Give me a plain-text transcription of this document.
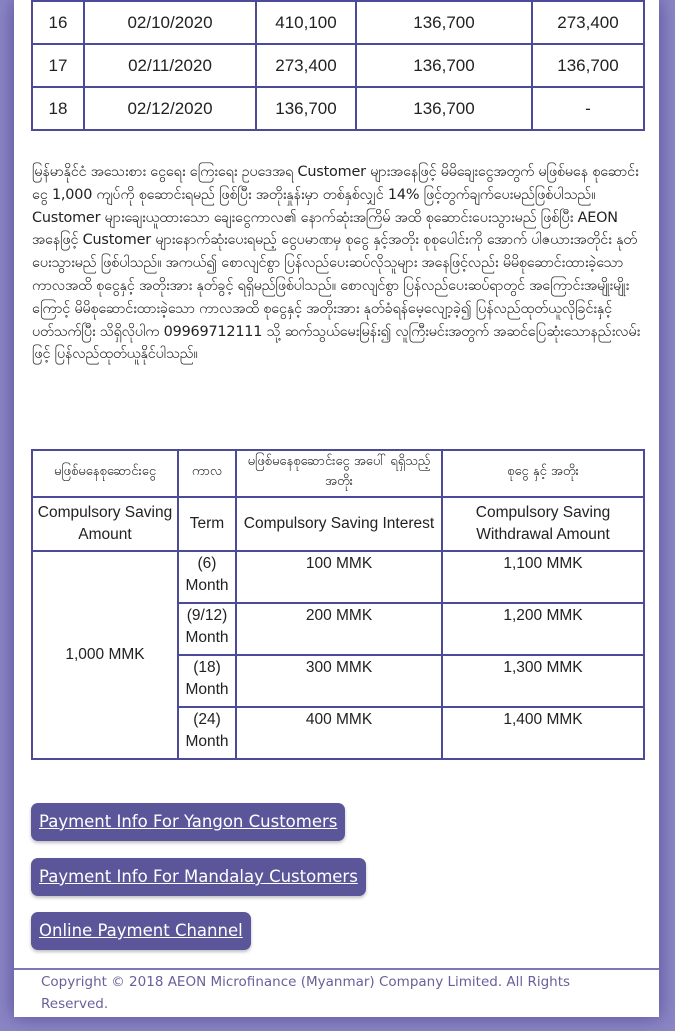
16	02/10/2020	410,100	136,700	273,400
17	02/11/2020	273,400	136,700	136,700
18	02/12/2020	136,700	136,700	-

မြန်မာနိုင်ငံ အသေးစား ငွေရေး ကြေးရေး ဥပဒေအရ Customer များအနေဖြင့် မိမိချေးငွေအတွက် မဖြစ်မနေ စုဆောင်းငွေ 1,000 ကျပ်ကို စုဆောင်းရမည် ဖြစ်ပြီး အတိုးနှုန်းမှာ တစ်နှစ်လျှင် 14% ဖြင့်တွက်ချက်ပေးမည်ဖြစ်ပါသည်။ Customer များချေးယူထားသော ချေးငွေကာလ၏ နောက်ဆုံးအကြိမ် အထိ စုဆောင်းပေးသွားမည် ဖြစ်ပြီး AEON အနေဖြင့် Customer များနောက်ဆုံးပေးရမည့် ငွေပမာဏမှ စုငွေ နှင့်အတိုး စုစုပေါင်းကို အောက် ပါဇယားအတိုင်း နုတ်ပေးသွားမည် ဖြစ်ပါသည်။ အကယ်၍ စောလျင်စွာ ပြန်လည်ပေးဆပ်လိုသူများ အနေဖြင့်လည်း မိမိစုဆောင်းထားခဲ့သောကာလအထိ စုငွေနှင့် အတိုးအား နုတ်ခွင့် ရရှိမည်ဖြစ်ပါသည်။ စောလျင်စွာ ပြန်လည်ပေးဆပ်ရာတွင် အကြောင်းအမျိုးမျိုးကြောင့် မိမိစုဆောင်းထားခဲ့သော ကာလအထိ စုငွေနှင့် အတိုးအား နုတ်ခံရန်မေ့လျော့ခဲ့၍ ပြန်လည်ထုတ်ယူလိုခြင်းနှင့် ပတ်သက်ပြီး သိရှိလိုပါက 09969712111 သို့ ဆက်သွယ်မေးမြန်း၍ လူကြီးမင်းအတွက် အဆင်ပြေဆုံးသောနည်းလမ်း ဖြင့် ပြန်လည်ထုတ်ယူနိုင်ပါသည်။

မဖြစ်မနေစုဆောင်းငွေ	ကာလ	မဖြစ်မနေစုဆောင်းငွေ အပေါ် ရရှိသည့်အတိုး	စုငွေ နှင့် အတိုး
Compulsory Saving Amount	Term	Compulsory Saving Interest	Compulsory Saving Withdrawal Amount
1,000 MMK	(6) Month	100 MMK	1,100 MMK
	(9/12) Month	200 MMK	1,200 MMK
	(18) Month	300 MMK	1,300 MMK
	(24) Month	400 MMK	1,400 MMK
Payment Info For Yangon Customers
Payment Info For Mandalay Customers
Online Payment Channel
Copyright © 2018 AEON Microfinance (Myanmar) Company Limited. All Rights Reserved.
